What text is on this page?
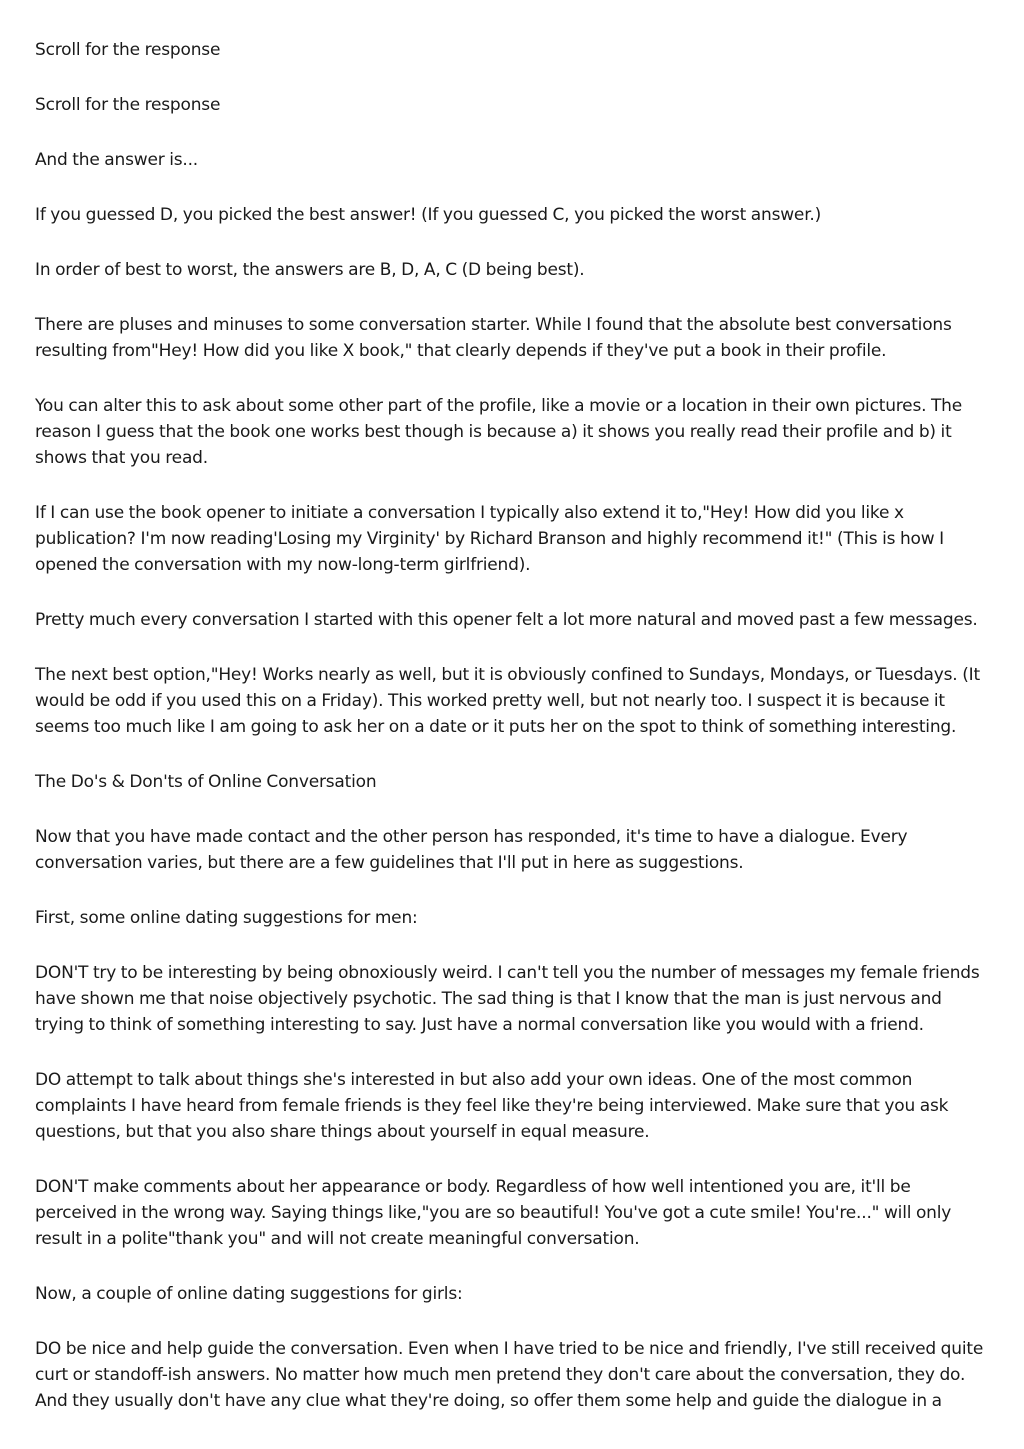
Scroll for the response

Scroll for the response

And the answer is...

If you guessed D, you picked the best answer! (If you guessed C, you picked the worst answer.)

In order of best to worst, the answers are B, D, A, C (D being best).

There are pluses and minuses to some conversation starter. While I found that the absolute best conversations resulting from"Hey! How did you like X book," that clearly depends if they've put a book in their profile.

You can alter this to ask about some other part of the profile, like a movie or a location in their own pictures. The reason I guess that the book one works best though is because a) it shows you really read their profile and b) it shows that you read.

If I can use the book opener to initiate a conversation I typically also extend it to,"Hey! How did you like x publication? I'm now reading'Losing my Virginity' by Richard Branson and highly recommend it!" (This is how I opened the conversation with my now-long-term girlfriend).

Pretty much every conversation I started with this opener felt a lot more natural and moved past a few messages.

The next best option,"Hey! Works nearly as well, but it is obviously confined to Sundays, Mondays, or Tuesdays. (It would be odd if you used this on a Friday). This worked pretty well, but not nearly too. I suspect it is because it seems too much like I am going to ask her on a date or it puts her on the spot to think of something interesting.

The Do's & Don'ts of Online Conversation

Now that you have made contact and the other person has responded, it's time to have a dialogue. Every conversation varies, but there are a few guidelines that I'll put in here as suggestions.

First, some online dating suggestions for men:

DON'T try to be interesting by being obnoxiously weird. I can't tell you the number of messages my female friends have shown me that noise objectively psychotic. The sad thing is that I know that the man is just nervous and trying to think of something interesting to say. Just have a normal conversation like you would with a friend.

DO attempt to talk about things she's interested in but also add your own ideas. One of the most common complaints I have heard from female friends is they feel like they're being interviewed. Make sure that you ask questions, but that you also share things about yourself in equal measure.

DON'T make comments about her appearance or body. Regardless of how well intentioned you are, it'll be perceived in the wrong way. Saying things like,"you are so beautiful! You've got a cute smile! You're..." will only result in a polite"thank you" and will not create meaningful conversation.

Now, a couple of online dating suggestions for girls:

DO be nice and help guide the conversation. Even when I have tried to be nice and friendly, I've still received quite curt or standoff-ish answers. No matter how much men pretend they don't care about the conversation, they do. And they usually don't have any clue what they're doing, so offer them some help and guide the dialogue in a
